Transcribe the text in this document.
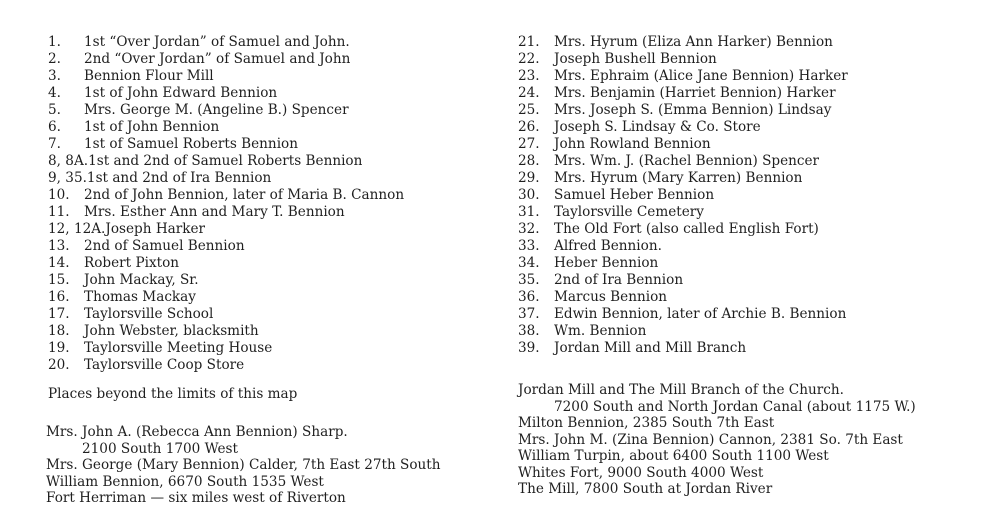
1.	1st “Over Jordan” of Samuel and John.
2.	2nd “Over Jordan” of Samuel and John
3.	Bennion Flour Mill
4.	1st of John Edward Bennion
5.	Mrs. George M. (Angeline B.) Spencer
6.	1st of John Bennion
7.	1st of Samuel Roberts Bennion
8, 8A. 1st and 2nd of Samuel Roberts Bennion
9, 35. 1st and 2nd of Ira Bennion
10.	2nd of John Bennion, later of Maria B. Cannon
11.	Mrs. Esther Ann and Mary T. Bennion
12, 12A. Joseph Harker
13.	2nd of Samuel Bennion
14.	Robert Pixton
15.	John Mackay, Sr.
16.	Thomas Mackay
17.	Taylorsville School
18.	John Webster, blacksmith
19.	Taylorsville Meeting House
20.	Taylorsville Coop Store
21.	Mrs. Hyrum (Eliza Ann Harker) Bennion
22.	Joseph Bushell Bennion
23.	Mrs. Ephraim (Alice Jane Bennion) Harker
24.	Mrs. Benjamin (Harriet Bennion) Harker
25.	Mrs. Joseph S. (Emma Bennion) Lindsay
26.	Joseph S. Lindsay & Co. Store
27.	John Rowland Bennion
28.	Mrs. Wm. J. (Rachel Bennion) Spencer
29.	Mrs. Hyrum (Mary Karren) Bennion
30.	Samuel Heber Bennion
31.	Taylorsville Cemetery
32.	The Old Fort (also called English Fort)
33.	Alfred Bennion.
34.	Heber Bennion
35.	2nd of Ira Bennion
36.	Marcus Bennion
37.	Edwin Bennion, later of Archie B. Bennion
38.	Wm. Bennion
39.	Jordan Mill and Mill Branch
Places beyond the limits of this map
Mrs. John A. (Rebecca Ann Bennion) Sharp.
2100 South 1700 West
Mrs. George (Mary Bennion) Calder, 7th East 27th South
William Bennion, 6670 South 1535 West
Fort Herriman — six miles west of Riverton
Jordan Mill and The Mill Branch of the Church.
7200 South and North Jordan Canal (about 1175 W.)
Milton Bennion, 2385 South 7th East
Mrs. John M. (Zina Bennion) Cannon, 2381 So. 7th East
William Turpin, about 6400 South 1100 West
Whites Fort, 9000 South 4000 West
The Mill, 7800 South at Jordan River
